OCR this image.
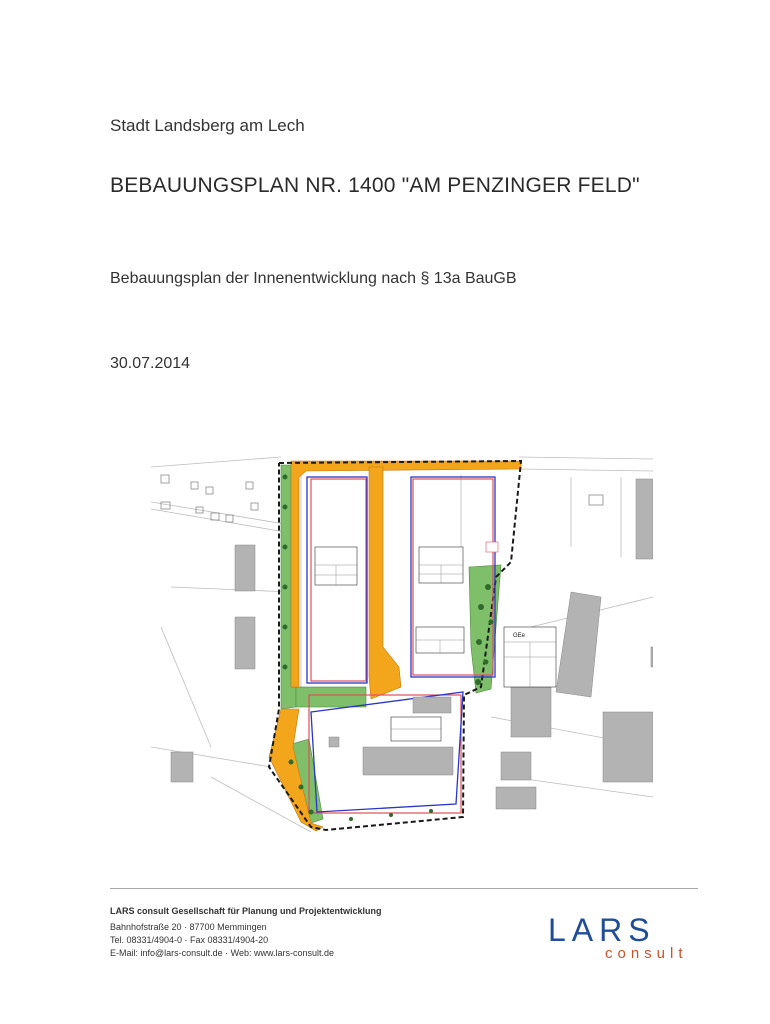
Stadt Landsberg am Lech

BEBAUUNGSPLAN NR. 1400 "AM PENZINGER FELD"

Bebauungsplan der Innenentwicklung nach § 13a BauGB

30.07.2014

GEe

LARS consult Gesellschaft für Planung und Projektentwicklung

Bahnhofstraße 20 · 87700 Memmingen

Tel. 08331/4904-0 · Fax 08331/4904-20

E-Mail: info@lars-consult.de · Web: www.lars-consult.de

LARS
consult
